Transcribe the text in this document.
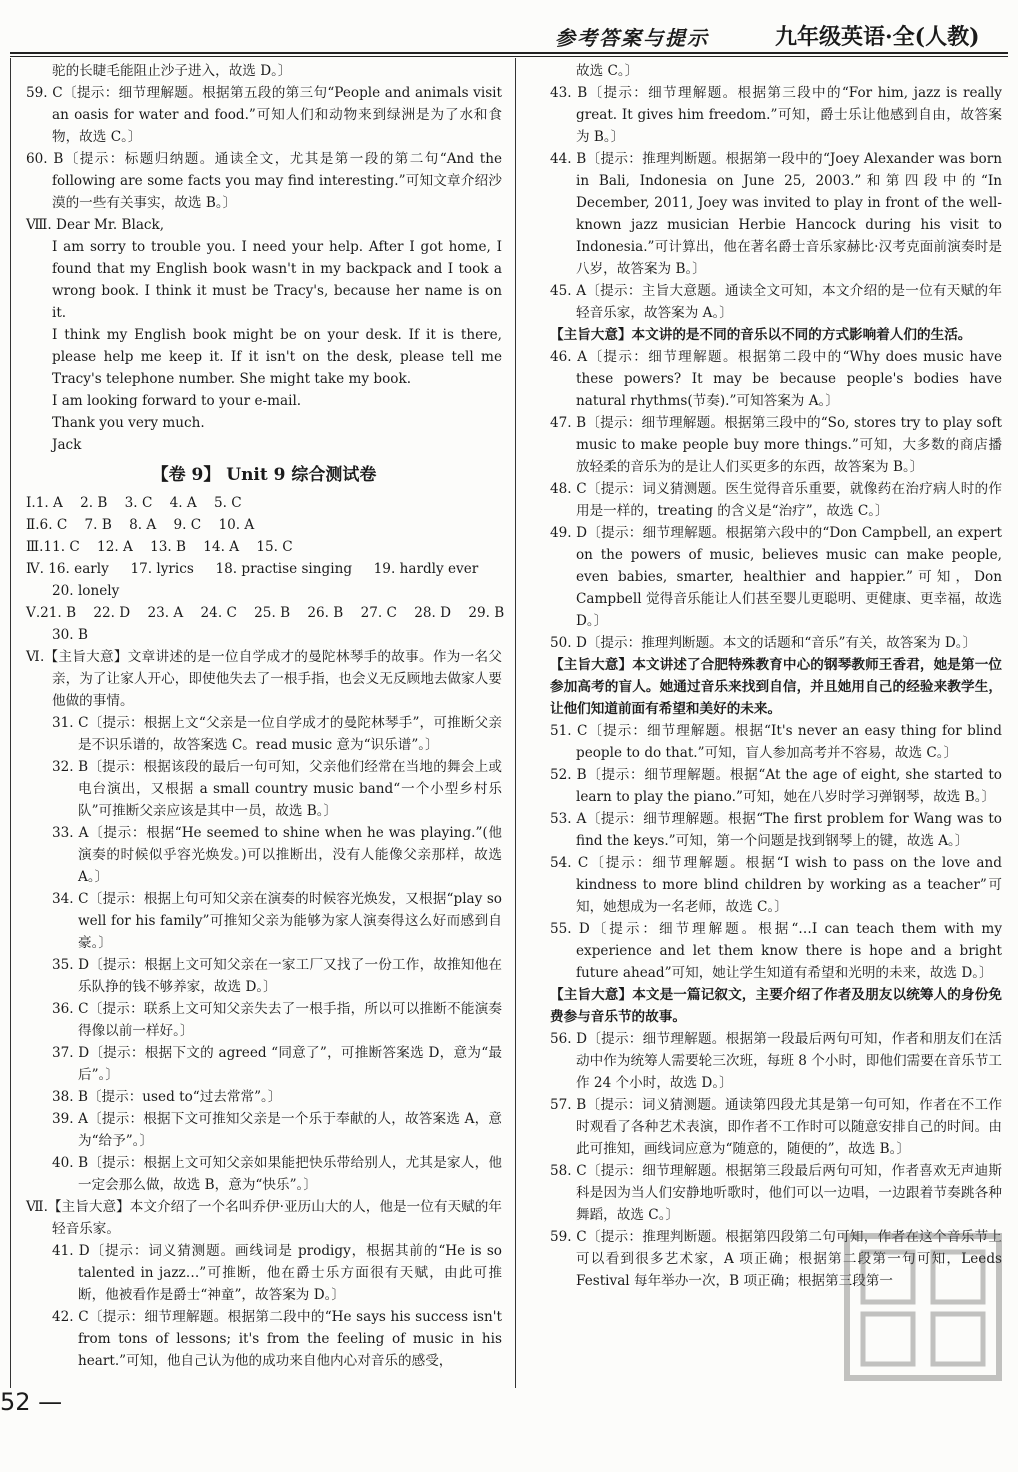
参考答案与提示	九年级英语·全(人教)

驼的长睫毛能阻止沙子进入，故选 D。〕

59. C〔提示：细节理解题。根据第五段的第三句“People and animals visit an oasis for water and food.”可知人们和动物来到绿洲是为了水和食物，故选 C。〕

60. B〔提示：标题归纳题。通读全文，尤其是第一段的第二句“And the following are some facts you may find interesting.”可知文章介绍沙漠的一些有关事实，故选 B。〕

Ⅷ. Dear Mr. Black,

I am sorry to trouble you. I need your help. After I got home, I found that my English book wasn't in my backpack and I took a wrong book. I think it must be Tracy's, because her name is on it.

I think my English book might be on your desk. If it is there, please help me keep it. If it isn't on the desk, please tell me Tracy's telephone number. She might take my book.

I am looking forward to your e-mail.

Thank you very much.

Jack

【卷 9】 Unit 9 综合测试卷

Ⅰ.1. A    2. B    3. C    4. A    5. C

Ⅱ.6. C    7. B    8. A    9. C    10. A

Ⅲ.11. C    12. A    13. B    14. A    15. C

Ⅳ. 16. early     17. lyrics     18. practise singing     19. hardly ever

20. lonely

Ⅴ.21. B    22. D    23. A    24. C    25. B    26. B    27. C    28. D    29. B

30. B

Ⅵ.【主旨大意】文章讲述的是一位自学成才的曼陀林琴手的故事。作为一名父亲，为了让家人开心，即使他失去了一根手指，也会义无反顾地去做家人要他做的事情。

31. C〔提示：根据上文“父亲是一位自学成才的曼陀林琴手”，可推断父亲是不识乐谱的，故答案选 C。read music 意为“识乐谱”。〕

32. B〔提示：根据该段的最后一句可知，父亲他们经常在当地的舞会上或电台演出，又根据 a small country music band“一个小型乡村乐队”可推断父亲应该是其中一员，故选 B。〕

33. A〔提示：根据“He seemed to shine when he was playing.”(他演奏的时候似乎容光焕发。)可以推断出，没有人能像父亲那样，故选 A。〕

34. C〔提示：根据上句可知父亲在演奏的时候容光焕发，又根据“play so well for his family”可推知父亲为能够为家人演奏得这么好而感到自豪。〕

35. D〔提示：根据上文可知父亲在一家工厂又找了一份工作，故推知他在乐队挣的钱不够养家，故选 D。〕

36. C〔提示：联系上文可知父亲失去了一根手指，所以可以推断不能演奏得像以前一样好。〕

37. D〔提示：根据下文的 agreed “同意了”，可推断答案选 D，意为“最后”。〕

38. B〔提示：used to“过去常常”。〕

39. A〔提示：根据下文可推知父亲是一个乐于奉献的人，故答案选 A，意为“给予”。〕

40. B〔提示：根据上文可知父亲如果能把快乐带给别人，尤其是家人，他一定会那么做，故选 B，意为“快乐”。〕

Ⅶ.【主旨大意】本文介绍了一个名叫乔伊·亚历山大的人，他是一位有天赋的年轻音乐家。

41. D〔提示：词义猜测题。画线词是 prodigy，根据其前的“He is so talented in jazz…”可推断，他在爵士乐方面很有天赋，由此可推断，他被看作是爵士“神童”，故答案为 D。〕

42. C〔提示：细节理解题。根据第二段中的“He says his success isn't from tons of lessons; it's from the feeling of music in his heart.”可知，他自己认为他的成功来自他内心对音乐的感受，

故选 C。〕

43. B〔提示：细节理解题。根据第三段中的“For him, jazz is really great. It gives him freedom.”可知，爵士乐让他感到自由，故答案为 B。〕

44. B〔提示：推理判断题。根据第一段中的“Joey Alexander was born in Bali, Indonesia on June 25, 2003.”和第四段中的“In December, 2011, Joey was invited to play in front of the well-known jazz musician Herbie Hancock during his visit to Indonesia.”可计算出，他在著名爵士音乐家赫比·汉考克面前演奏时是八岁，故答案为 B。〕

45. A〔提示：主旨大意题。通读全文可知，本文介绍的是一位有天赋的年轻音乐家，故答案为 A。〕

【主旨大意】本文讲的是不同的音乐以不同的方式影响着人们的生活。

46. A〔提示：细节理解题。根据第二段中的“Why does music have these powers? It may be because people's bodies have natural rhythms(节奏).”可知答案为 A。〕

47. B〔提示：细节理解题。根据第三段中的“So, stores try to play soft music to make people buy more things.”可知，大多数的商店播放轻柔的音乐为的是让人们买更多的东西，故答案为 B。〕

48. C〔提示：词义猜测题。医生觉得音乐重要，就像药在治疗病人时的作用是一样的，treating 的含义是“治疗”，故选 C。〕

49. D〔提示：细节理解题。根据第六段中的“Don Campbell, an expert on the powers of music, believes music can make people, even babies, smarter, healthier and happier.”可知，Don Campbell 觉得音乐能让人们甚至婴儿更聪明、更健康、更幸福，故选 D。〕

50. D〔提示：推理判断题。本文的话题和“音乐”有关，故答案为 D。〕

【主旨大意】本文讲述了合肥特殊教育中心的钢琴教师王香君，她是第一位参加高考的盲人。她通过音乐来找到自信，并且她用自己的经验来教学生，让他们知道前面有希望和美好的未来。

51. C〔提示：细节理解题。根据“It's never an easy thing for blind people to do that.”可知，盲人参加高考并不容易，故选 C。〕

52. B〔提示：细节理解题。根据“At the age of eight, she started to learn to play the piano.”可知，她在八岁时学习弹钢琴，故选 B。〕

53. A〔提示：细节理解题。根据“The first problem for Wang was to find the keys.”可知，第一个问题是找到钢琴上的键，故选 A。〕

54. C〔提示：细节理解题。根据“I wish to pass on the love and kindness to more blind children by working as a teacher”可知，她想成为一名老师，故选 C。〕

55. D〔提示：细节理解题。根据“…I can teach them with my experience and let them know there is hope and a bright future ahead”可知，她让学生知道有希望和光明的未来，故选 D。〕

【主旨大意】本文是一篇记叙文，主要介绍了作者及朋友以统筹人的身份免费参与音乐节的故事。

56. D〔提示：细节理解题。根据第一段最后两句可知，作者和朋友们在活动中作为统筹人需要轮三次班，每班 8 个小时，即他们需要在音乐节工作 24 个小时，故选 D。〕

57. B〔提示：词义猜测题。通读第四段尤其是第一句可知，作者在不工作时观看了各种艺术表演，即作者不工作时可以随意安排自己的时间。由此可推知，画线词应意为“随意的，随便的”，故选 B。〕

58. C〔提示：细节理解题。根据第三段最后两句可知，作者喜欢无声迪斯科是因为当人们安静地听歌时，他们可以一边唱，一边跟着节奏跳各种舞蹈，故选 C。〕

59. C〔提示：推理判断题。根据第四段第二句可知，作者在这个音乐节上可以看到很多艺术家，A 项正确；根据第二段第一句可知，Leeds Festival 每年举办一次，B 项正确；根据第三段第一

52 —
